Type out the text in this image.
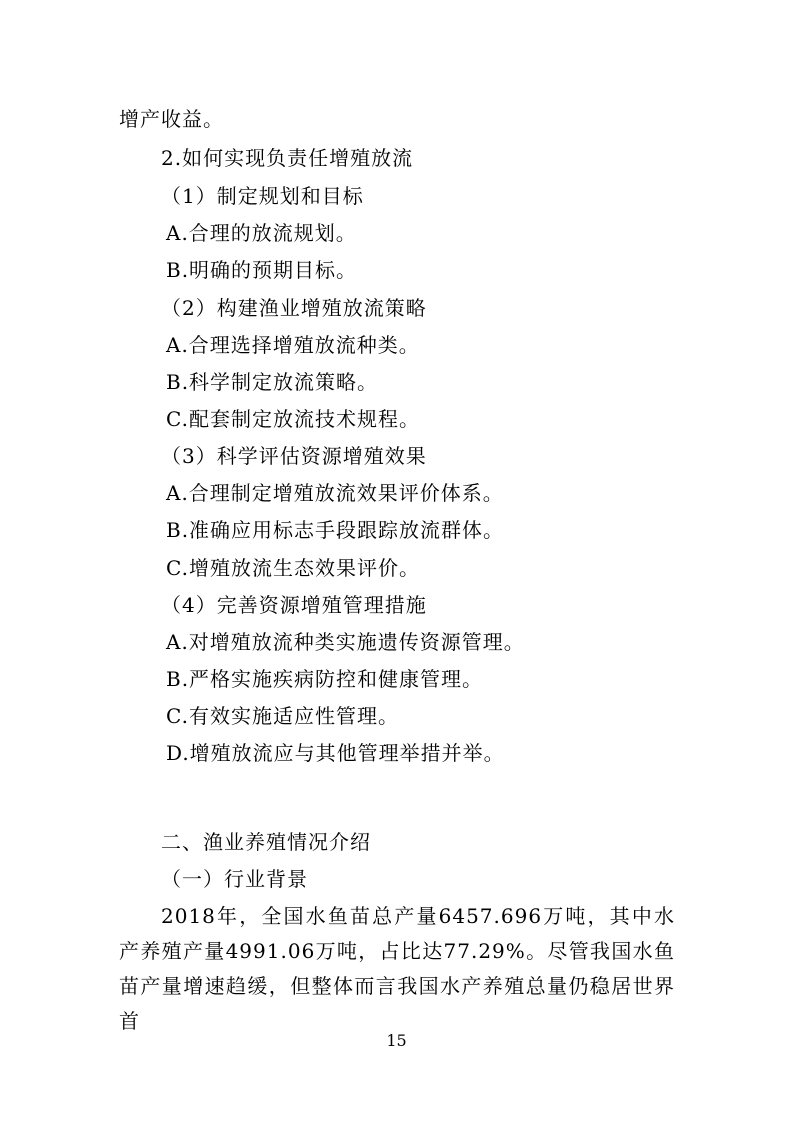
增产收益。
2.如何实现负责任增殖放流
（1）制定规划和目标
A.合理的放流规划。
B.明确的预期目标。
（2）构建渔业增殖放流策略
A.合理选择增殖放流种类。
B.科学制定放流策略。
C.配套制定放流技术规程。
（3）科学评估资源增殖效果
A.合理制定增殖放流效果评价体系。
B.准确应用标志手段跟踪放流群体。
C.增殖放流生态效果评价。
（4）完善资源增殖管理措施
A.对增殖放流种类实施遗传资源管理。
B.严格实施疾病防控和健康管理。
C.有效实施适应性管理。
D.增殖放流应与其他管理举措并举。
二、渔业养殖情况介绍
（一）行业背景
2018年，全国水鱼苗总产量6457.696万吨，其中水产养殖产量4991.06万吨，占比达77.29%。尽管我国水鱼苗产量增速趋缓，但整体而言我国水产养殖总量仍稳居世界首
15
